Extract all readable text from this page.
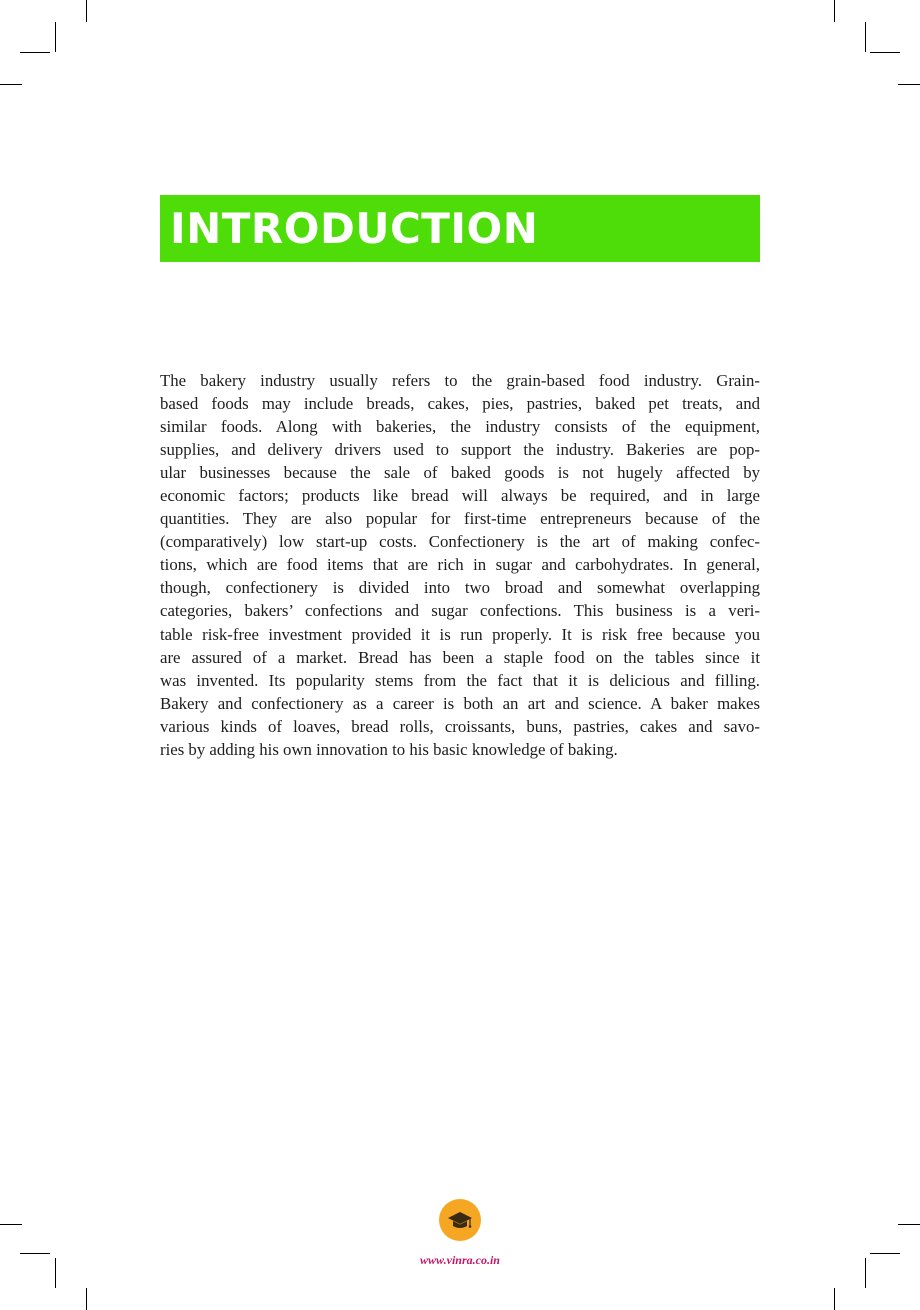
INTRODUCTION
The bakery industry usually refers to the grain-based food industry. Grain-
based foods may include breads, cakes, pies, pastries, baked pet treats, and
similar foods. Along with bakeries, the industry consists of the equipment,
supplies, and delivery drivers used to support the industry. Bakeries are pop-
ular businesses because the sale of baked goods is not hugely affected by
economic factors; products like bread will always be required, and in large
quantities. They are also popular for first-time entrepreneurs because of the
(comparatively) low start-up costs. Confectionery is the art of making confec-
tions, which are food items that are rich in sugar and carbohydrates. In general,
though, confectionery is divided into two broad and somewhat overlapping
categories, bakers’ confections and sugar confections. This business is a veri-
table risk-free investment provided it is run properly. It is risk free because you
are assured of a market. Bread has been a staple food on the tables since it
was invented. Its popularity stems from the fact that it is delicious and filling.
Bakery and confectionery as a career is both an art and science. A baker makes
various kinds of loaves, bread rolls, croissants, buns, pastries, cakes and savo-
ries by adding his own innovation to his basic knowledge of baking.
www.vinra.co.in
